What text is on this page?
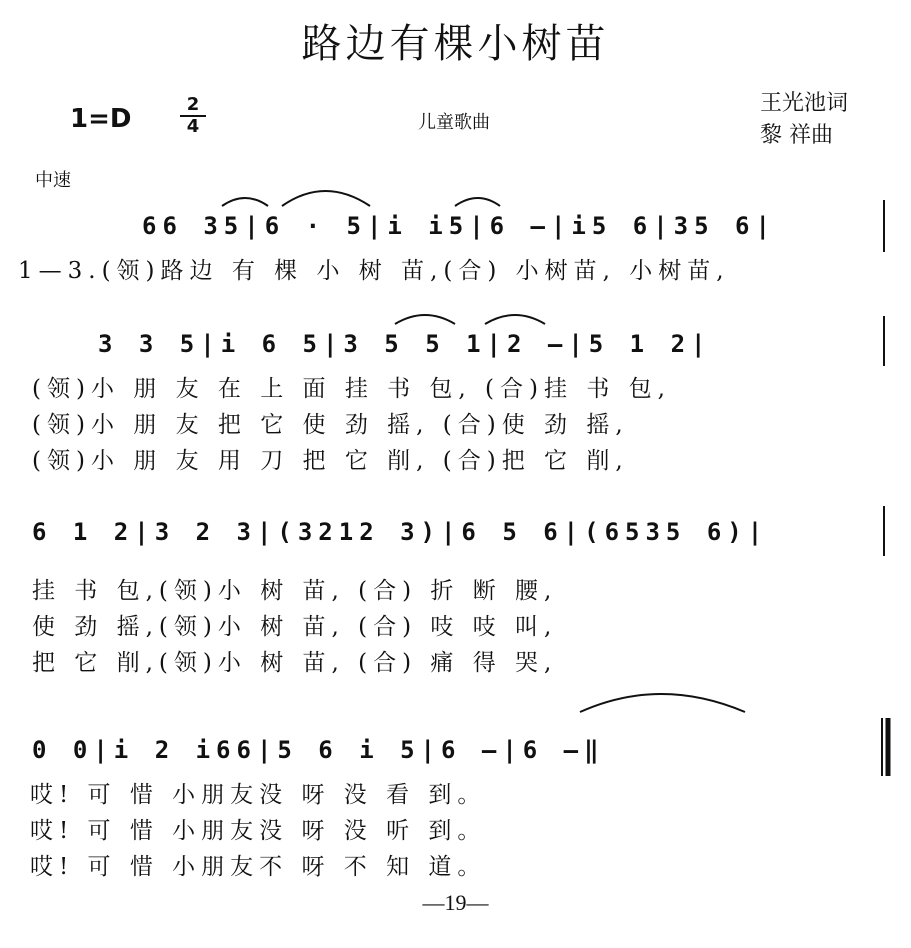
路边有棵小树苗
1=D	2
4	儿童歌曲
王光池词
黎 祥曲
中速
66 35|6 · 5|i i5|6 —|i5 6|35 6|
1—3.(领)路边 有 棵 小 树 苗,(合) 小树苗, 小树苗,
3 3 5|i 6 5|3 5 5 1|2 —|5 1 2|
(领)小 朋 友 在 上 面 挂 书 包, (合)挂 书 包,
(领)小 朋 友 把 它 使 劲 摇, (合)使 劲 摇,
(领)小 朋 友 用 刀 把 它 削, (合)把 它 削,
6 1 2|3 2 3|(3212 3)|6 5 6|(6535 6)|
挂 书 包,(领)小 树 苗, (合) 折 断 腰,
使 劲 摇,(领)小 树 苗, (合) 吱 吱 叫,
把 它 削,(领)小 树 苗, (合) 痛 得 哭,
0 0|i 2 i66|5 6 i 5|6 —|6 —‖
哎! 可 惜 小朋友没 呀 没 看 到。
哎! 可 惜 小朋友没 呀 没 听 到。
哎! 可 惜 小朋友不 呀 不 知 道。
—19—
